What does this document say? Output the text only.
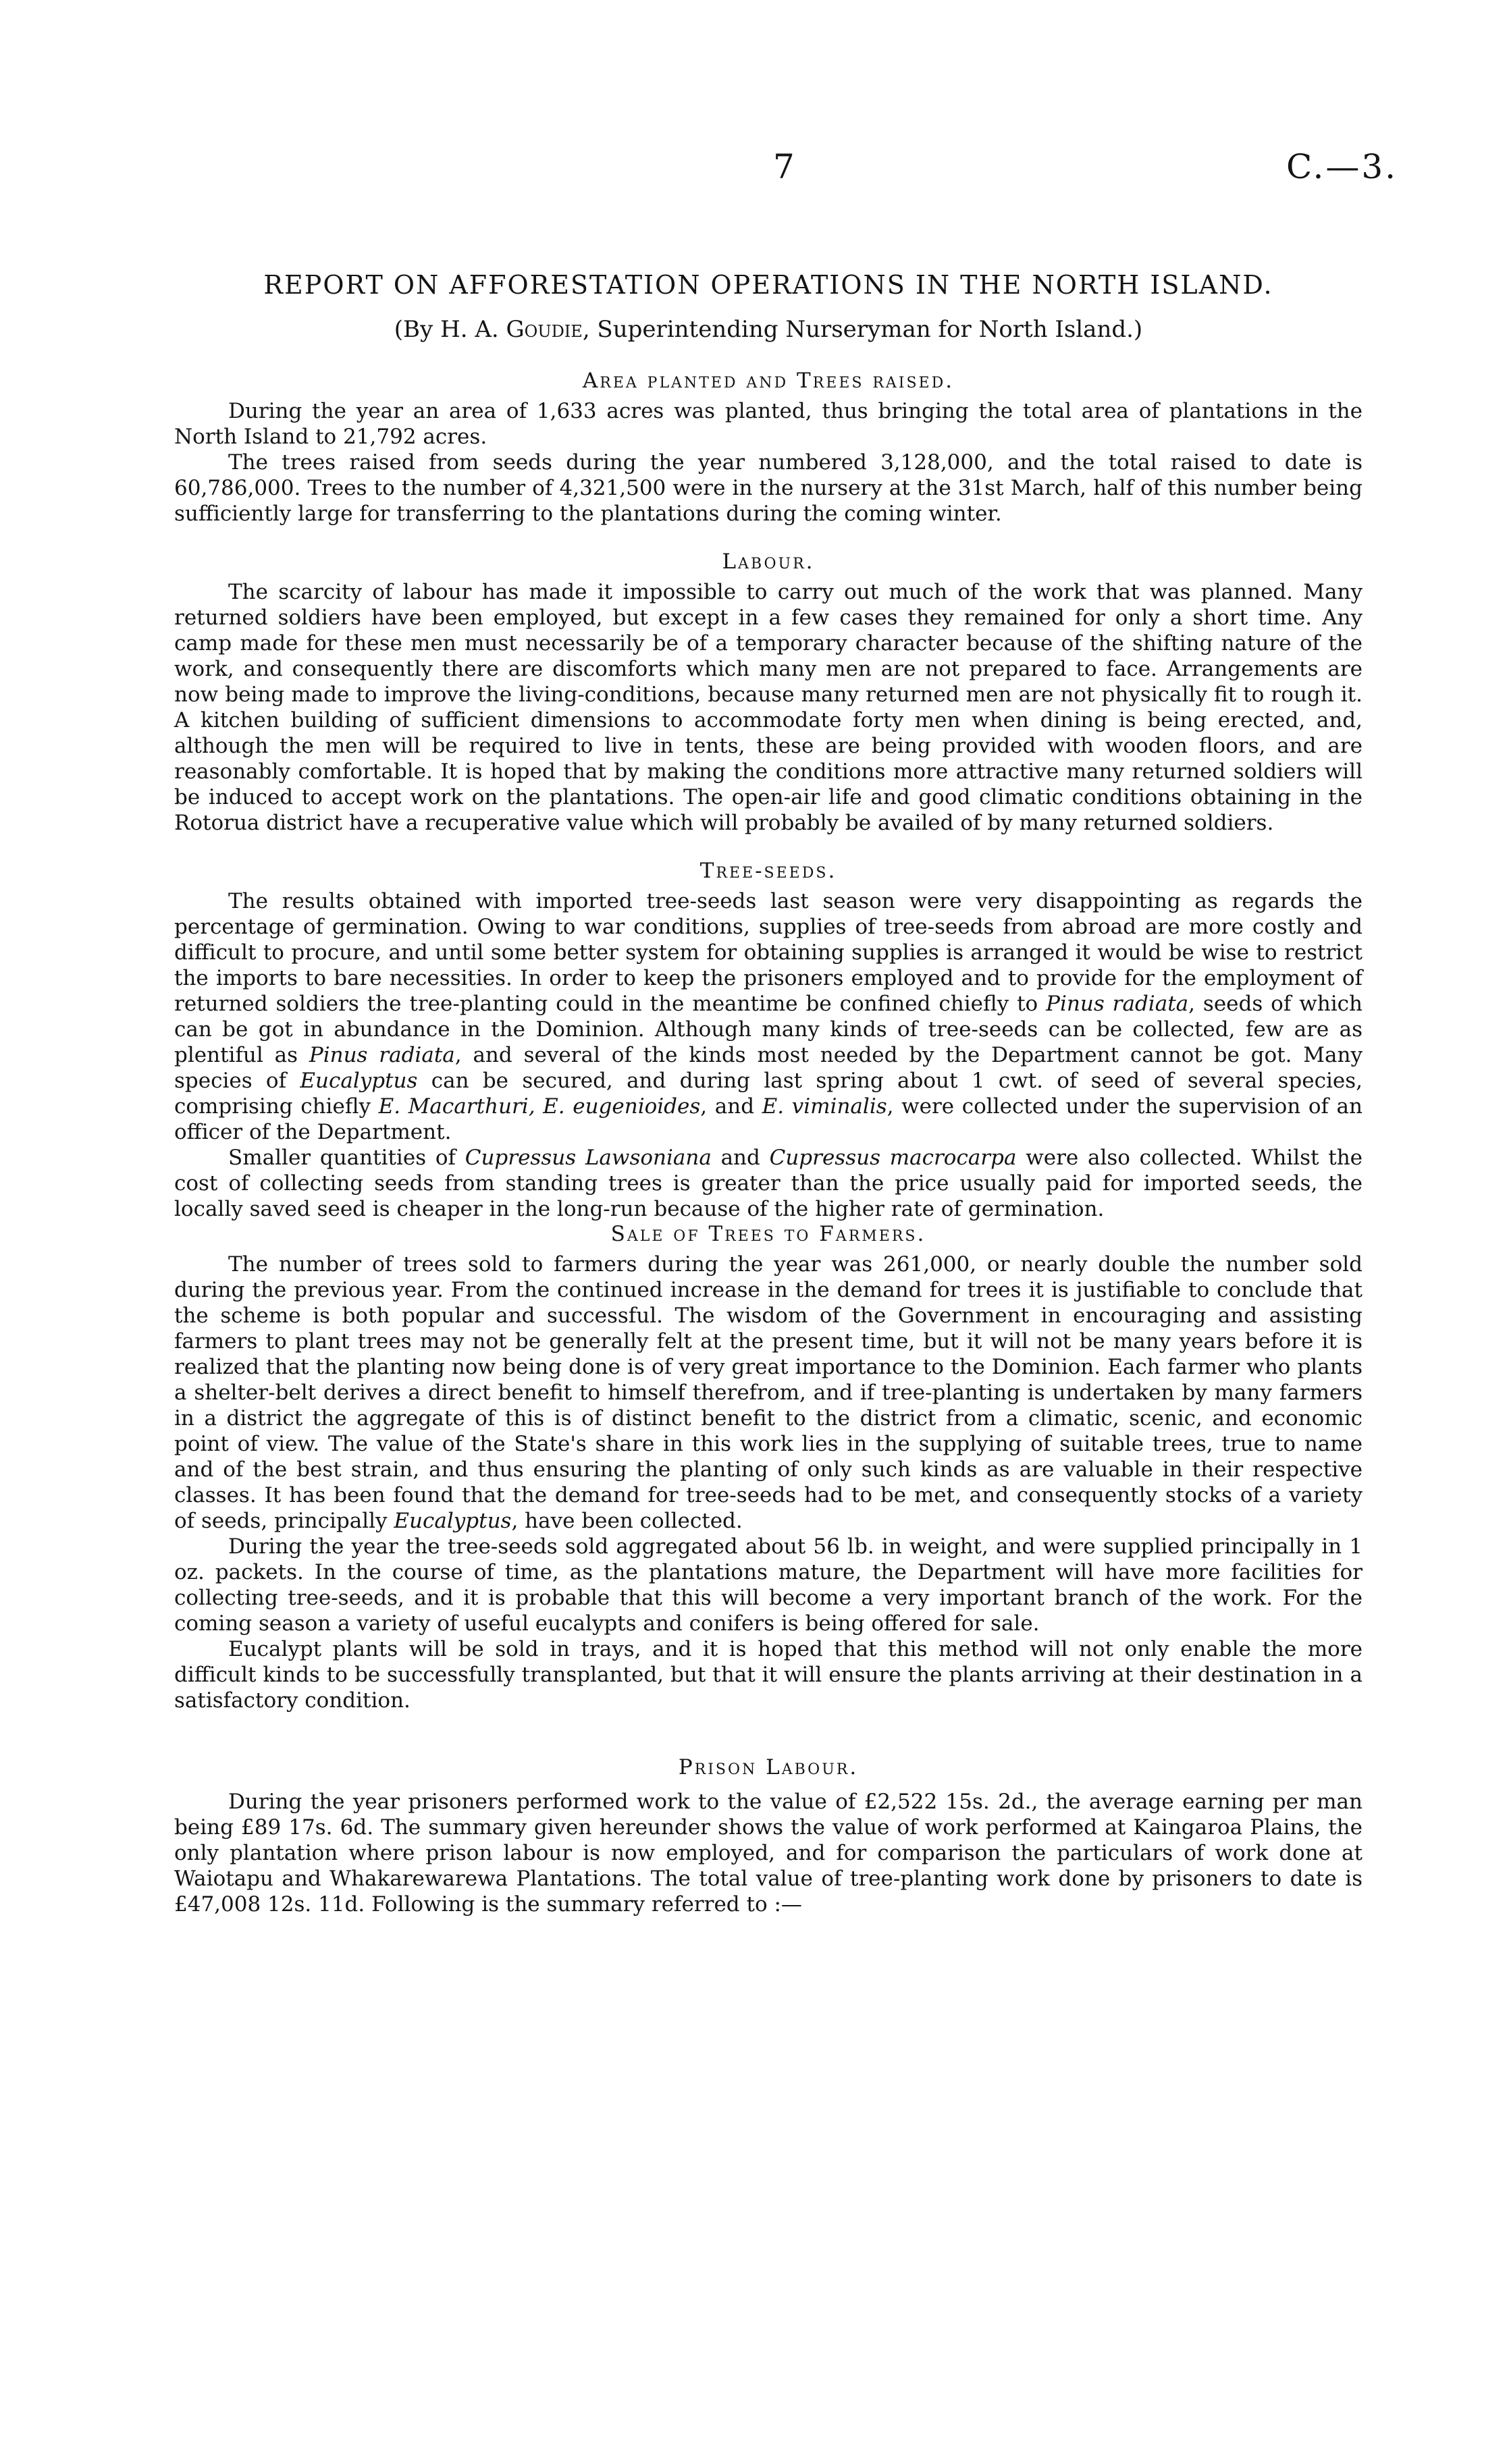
7	C.—3.
REPORT ON AFFORESTATION OPERATIONS IN THE NORTH ISLAND.
(By H. A. Goudie, Superintending Nurseryman for North Island.)
Area planted and Trees raised.

During the year an area of 1,633 acres was planted, thus bringing the total area of plantations in the North Island to 21,792 acres.

The trees raised from seeds during the year numbered 3,128,000, and the total raised to date is 60,786,000. Trees to the number of 4,321,500 were in the nursery at the 31st March, half of this number being sufficiently large for transferring to the plantations during the coming winter.

Labour.

The scarcity of labour has made it impossible to carry out much of the work that was planned. Many returned soldiers have been employed, but except in a few cases they remained for only a short time. Any camp made for these men must necessarily be of a temporary character because of the shifting nature of the work, and consequently there are discomforts which many men are not prepared to face. Arrangements are now being made to improve the living-conditions, because many returned men are not physically fit to rough it. A kitchen building of sufficient dimensions to accommodate forty men when dining is being erected, and, although the men will be required to live in tents, these are being provided with wooden floors, and are reasonably comfortable. It is hoped that by making the conditions more attractive many returned soldiers will be induced to accept work on the plantations. The open-air life and good climatic conditions obtaining in the Rotorua district have a recuperative value which will probably be availed of by many returned soldiers.

Tree-seeds.

The results obtained with imported tree-seeds last season were very disappointing as regards the percentage of germination. Owing to war conditions, supplies of tree-seeds from abroad are more costly and difficult to procure, and until some better system for obtaining supplies is arranged it would be wise to restrict the imports to bare necessities. In order to keep the prisoners employed and to provide for the employment of returned soldiers the tree-planting could in the meantime be confined chiefly to Pinus radiata, seeds of which can be got in abundance in the Dominion. Although many kinds of tree-seeds can be collected, few are as plentiful as Pinus radiata, and several of the kinds most needed by the Department cannot be got. Many species of Eucalyptus can be secured, and during last spring about 1 cwt. of seed of several species, comprising chiefly E. Macarthuri, E. eugenioides, and E. viminalis, were collected under the supervision of an officer of the Department.

Smaller quantities of Cupressus Lawsoniana and Cupressus macrocarpa were also collected. Whilst the cost of collecting seeds from standing trees is greater than the price usually paid for imported seeds, the locally saved seed is cheaper in the long-run because of the higher rate of germination.

Sale of Trees to Farmers.

The number of trees sold to farmers during the year was 261,000, or nearly double the number sold during the previous year. From the continued increase in the demand for trees it is justifiable to conclude that the scheme is both popular and successful. The wisdom of the Government in encouraging and assisting farmers to plant trees may not be generally felt at the present time, but it will not be many years before it is realized that the planting now being done is of very great importance to the Dominion. Each farmer who plants a shelter-belt derives a direct benefit to himself therefrom, and if tree-planting is undertaken by many farmers in a district the aggregate of this is of distinct benefit to the district from a climatic, scenic, and economic point of view. The value of the State's share in this work lies in the supplying of suitable trees, true to name and of the best strain, and thus ensuring the planting of only such kinds as are valuable in their respective classes. It has been found that the demand for tree-seeds had to be met, and consequently stocks of a variety of seeds, principally Eucalyptus, have been collected.

During the year the tree-seeds sold aggregated about 56 lb. in weight, and were supplied principally in 1 oz. packets. In the course of time, as the plantations mature, the Department will have more facilities for collecting tree-seeds, and it is probable that this will become a very important branch of the work. For the coming season a variety of useful eucalypts and conifers is being offered for sale.

Eucalypt plants will be sold in trays, and it is hoped that this method will not only enable the more difficult kinds to be successfully transplanted, but that it will ensure the plants arriving at their destination in a satisfactory condition.

Prison Labour.

During the year prisoners performed work to the value of £2,522 15s. 2d., the average earning per man being £89 17s. 6d. The summary given hereunder shows the value of work performed at Kaingaroa Plains, the only plantation where prison labour is now employed, and for comparison the particulars of work done at Waiotapu and Whakarewarewa Plantations. The total value of tree-planting work done by prisoners to date is £47,008 12s. 11d. Following is the summary referred to :—
